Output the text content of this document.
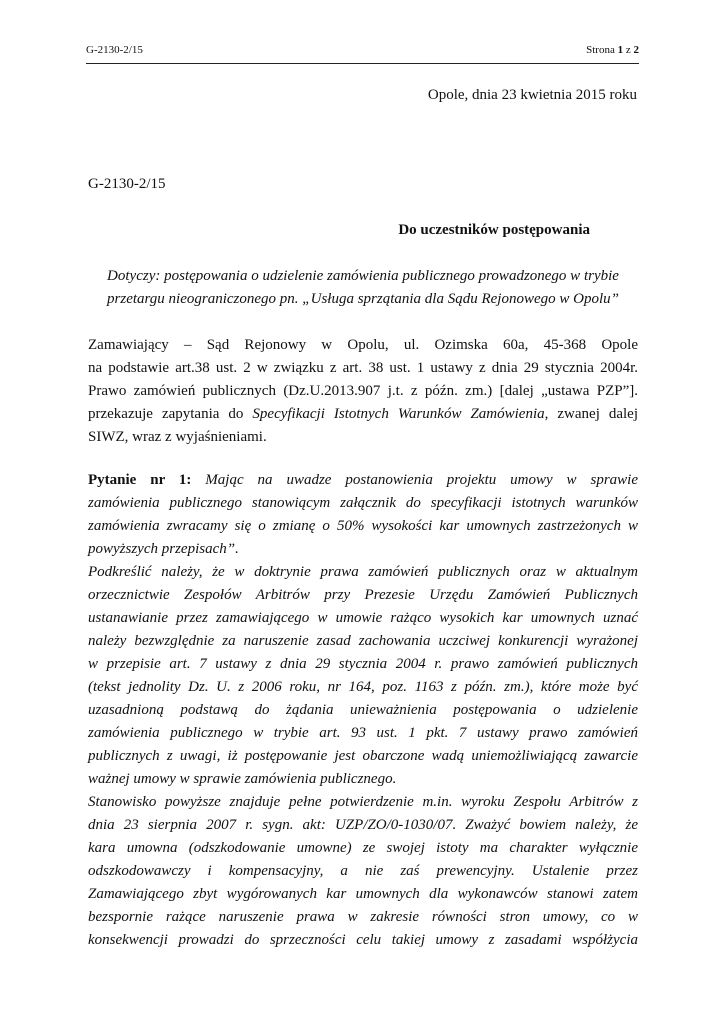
G-2130-2/15	Strona 1 z 2
Opole, dnia 23 kwietnia 2015 roku
G-2130-2/15
Do uczestników postępowania
Dotyczy: postępowania o udzielenie zamówienia publicznego prowadzonego w trybie
przetargu nieograniczonego pn. „Usługa sprzątania dla Sądu Rejonowego w Opolu”
Zamawiający – Sąd Rejonowy w Opolu, ul. Ozimska 60a, 45-368 Opole
na podstawie art.38 ust. 2 w związku z art. 38 ust. 1 ustawy z dnia 29 stycznia 2004r.
Prawo zamówień publicznych (Dz.U.2013.907 j.t. z późn. zm.) [dalej „ustawa PZP”].
przekazuje zapytania do Specyfikacji Istotnych Warunków Zamówienia, zwanej dalej
SIWZ, wraz z wyjaśnieniami.
Pytanie nr 1: Mając na uwadze postanowienia projektu umowy w sprawie
zamówienia publicznego stanowiącym załącznik do specyfikacji istotnych warunków
zamówienia zwracamy się o zmianę o 50% wysokości kar umownych zastrzeżonych w
powyższych przepisach”.
Podkreślić należy, że w doktrynie prawa zamówień publicznych oraz w aktualnym
orzecznictwie Zespołów Arbitrów przy Prezesie Urzędu Zamówień Publicznych
ustanawianie przez zamawiającego w umowie rażąco wysokich kar umownych uznać
należy bezwzględnie za naruszenie zasad zachowania uczciwej konkurencji wyrażonej
w przepisie art. 7 ustawy z dnia 29 stycznia 2004 r. prawo zamówień publicznych
(tekst jednolity Dz. U. z 2006 roku, nr 164, poz. 1163 z późn. zm.), które może być
uzasadnioną podstawą do żądania unieważnienia postępowania o udzielenie
zamówienia publicznego w trybie art. 93 ust. 1 pkt. 7 ustawy prawo zamówień
publicznych z uwagi, iż postępowanie jest obarczone wadą uniemożliwiającą zawarcie
ważnej umowy w sprawie zamówienia publicznego.
Stanowisko powyższe znajduje pełne potwierdzenie m.in. wyroku Zespołu Arbitrów z
dnia 23 sierpnia 2007 r. sygn. akt: UZP/ZO/0-1030/07. Zważyć bowiem należy, że
kara umowna (odszkodowanie umowne) ze swojej istoty ma charakter wyłącznie
odszkodowawczy i kompensacyjny, a nie zaś prewencyjny. Ustalenie przez
Zamawiającego zbyt wygórowanych kar umownych dla wykonawców stanowi zatem
bezspornie rażące naruszenie prawa w zakresie równości stron umowy, co w
konsekwencji prowadzi do sprzeczności celu takiej umowy z zasadami współżycia
